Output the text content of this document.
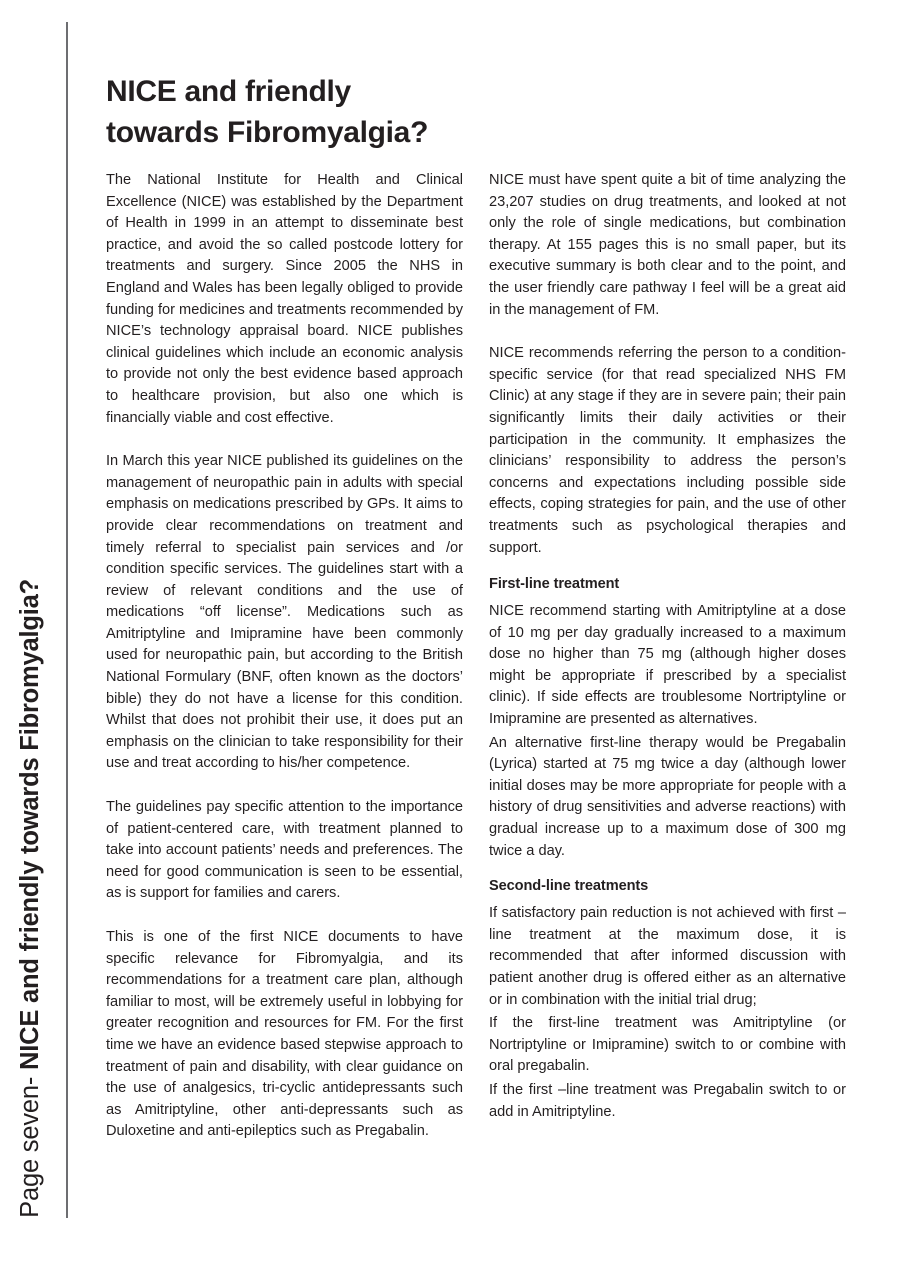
Page seven- NICE and friendly towards Fibromyalgia?
NICE and friendly
towards Fibromyalgia?

The National Institute for Health and Clinical Excellence (NICE) was established by the Department of Health in 1999 in an attempt to disseminate best practice, and avoid the so called postcode lottery for treatments and surgery. Since 2005 the NHS in England and Wales has been legally obliged to provide funding for medicines and treatments recommended by NICE’s technology appraisal board. NICE publishes clinical guidelines which include an economic analysis to provide not only the best evidence based approach to healthcare provision, but also one which is financially viable and cost effective.

In March this year NICE published its guidelines on the management of neuropathic pain in adults with special emphasis on medications prescribed by GPs. It aims to provide clear recommendations on treatment and timely referral to specialist pain services and /or condition specific services. The guidelines start with a review of relevant conditions and the use of medications “off license”. Medications such as Amitriptyline and Imipramine have been commonly used for neuropathic pain, but according to the British National Formulary (BNF, often known as the doctors’ bible) they do not have a license for this condition. Whilst that does not prohibit their use, it does put an emphasis on the clinician to take responsibility for their use and treat according to his/her competence.

The guidelines pay specific attention to the importance of patient-centered care, with treatment planned to take into account patients’ needs and preferences. The need for good communication is seen to be essential, as is support for families and carers.

This is one of the first NICE documents to have specific relevance for Fibromyalgia, and its recommendations for a treatment care plan, although familiar to most, will be extremely useful in lobbying for greater recognition and resources for FM. For the first time we have an evidence based stepwise approach to treatment of pain and disability, with clear guidance on the use of analgesics, tri-cyclic antidepressants such as Amitriptyline, other anti-depressants such as Duloxetine and anti-epileptics such as Pregabalin.

NICE must have spent quite a bit of time analyzing the 23,207 studies on drug treatments, and looked at not only the role of single medications, but combination therapy. At 155 pages this is no small paper, but its executive summary is both clear and to the point, and the user friendly care pathway I feel will be a great aid in the management of FM.

NICE recommends referring the person to a condition-specific service (for that read specialized NHS FM Clinic) at any stage if they are in severe pain; their pain significantly limits their daily activities or their participation in the community. It emphasizes the clinicians’ responsibility to address the person’s concerns and expectations including possible side effects, coping strategies for pain, and the use of other treatments such as psychological therapies and support.

First-line treatment

NICE recommend starting with Amitriptyline at a dose of 10 mg per day gradually increased to a maximum dose no higher than 75 mg (although higher doses might be appropriate if prescribed by a specialist clinic). If side effects are troublesome Nortriptyline or Imipramine are presented as alternatives.

An alternative first-line therapy would be Pregabalin (Lyrica) started at 75 mg twice a day (although lower initial doses may be more appropriate for people with a history of drug sensitivities and adverse reactions) with gradual increase up to a maximum dose of 300 mg twice a day.

Second-line treatments

If satisfactory pain reduction is not achieved with first –line treatment at the maximum dose, it is recommended that after informed discussion with patient another drug is offered either as an alternative or in combination with the initial trial drug;

If the first-line treatment was Amitriptyline (or Nortriptyline or Imipramine) switch to or combine with oral pregabalin.

If the first –line treatment was Pregabalin switch to or add in Amitriptyline.
